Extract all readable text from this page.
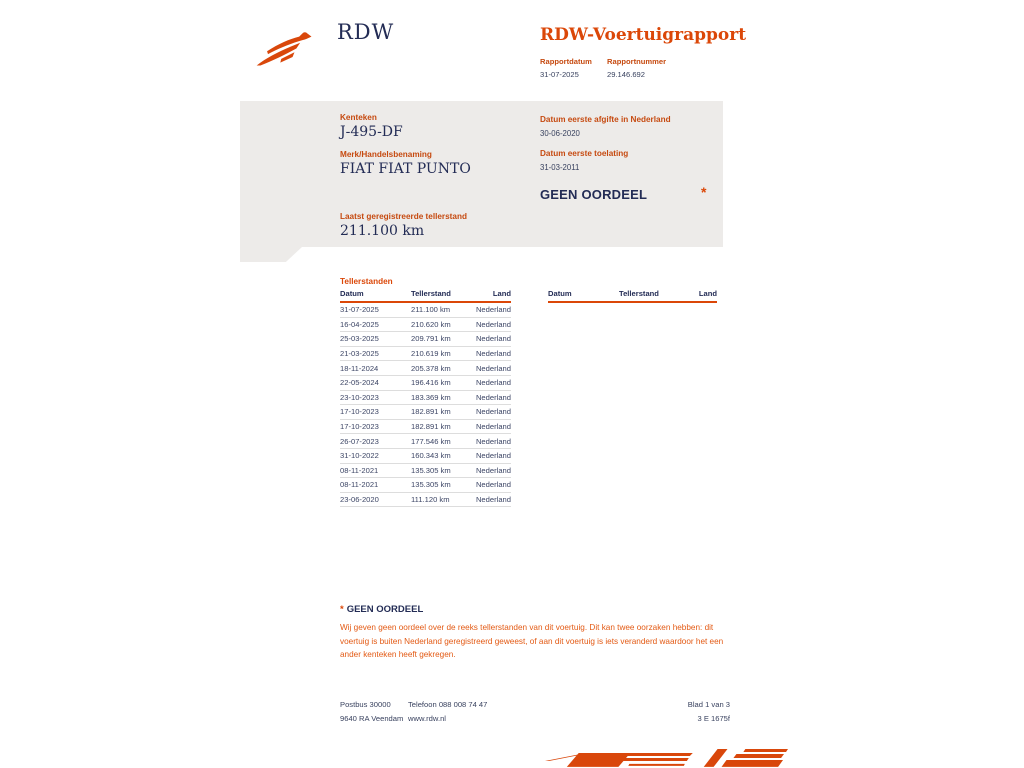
RDW	RDW-Voertuigrapport
Rapportdatum
31-07-2025
Rapportnummer
29.146.692
Kenteken
J-495-DF
Merk/Handelsbenaming
FIAT FIAT PUNTO
Laatst geregistreerde tellerstand
211.100 km
Datum eerste afgifte in Nederland
30-06-2020
Datum eerste toelating
31-03-2011
GEEN OORDEEL	*
Tellerstanden
Datum	Tellerstand	Land
31-07-2025	211.100 km	Nederland
16-04-2025	210.620 km	Nederland
25-03-2025	209.791 km	Nederland
21-03-2025	210.619 km	Nederland
18-11-2024	205.378 km	Nederland
22-05-2024	196.416 km	Nederland
23-10-2023	183.369 km	Nederland
17-10-2023	182.891 km	Nederland
17-10-2023	182.891 km	Nederland
26-07-2023	177.546 km	Nederland
31-10-2022	160.343 km	Nederland
08-11-2021	135.305 km	Nederland
08-11-2021	135.305 km	Nederland
23-06-2020	111.120 km	Nederland
Datum	Tellerstand	Land
* GEEN OORDEEL
Wij geven geen oordeel over de reeks tellerstanden van dit voertuig. Dit kan twee oorzaken hebben: dit voertuig is buiten Nederland geregistreerd geweest, of aan dit voertuig is iets veranderd waardoor het een ander kenteken heeft gekregen.
Postbus 30000
9640 RA Veendam
Telefoon 088 008 74 47
www.rdw.nl
Blad 1 van 3
3 E 1675f
